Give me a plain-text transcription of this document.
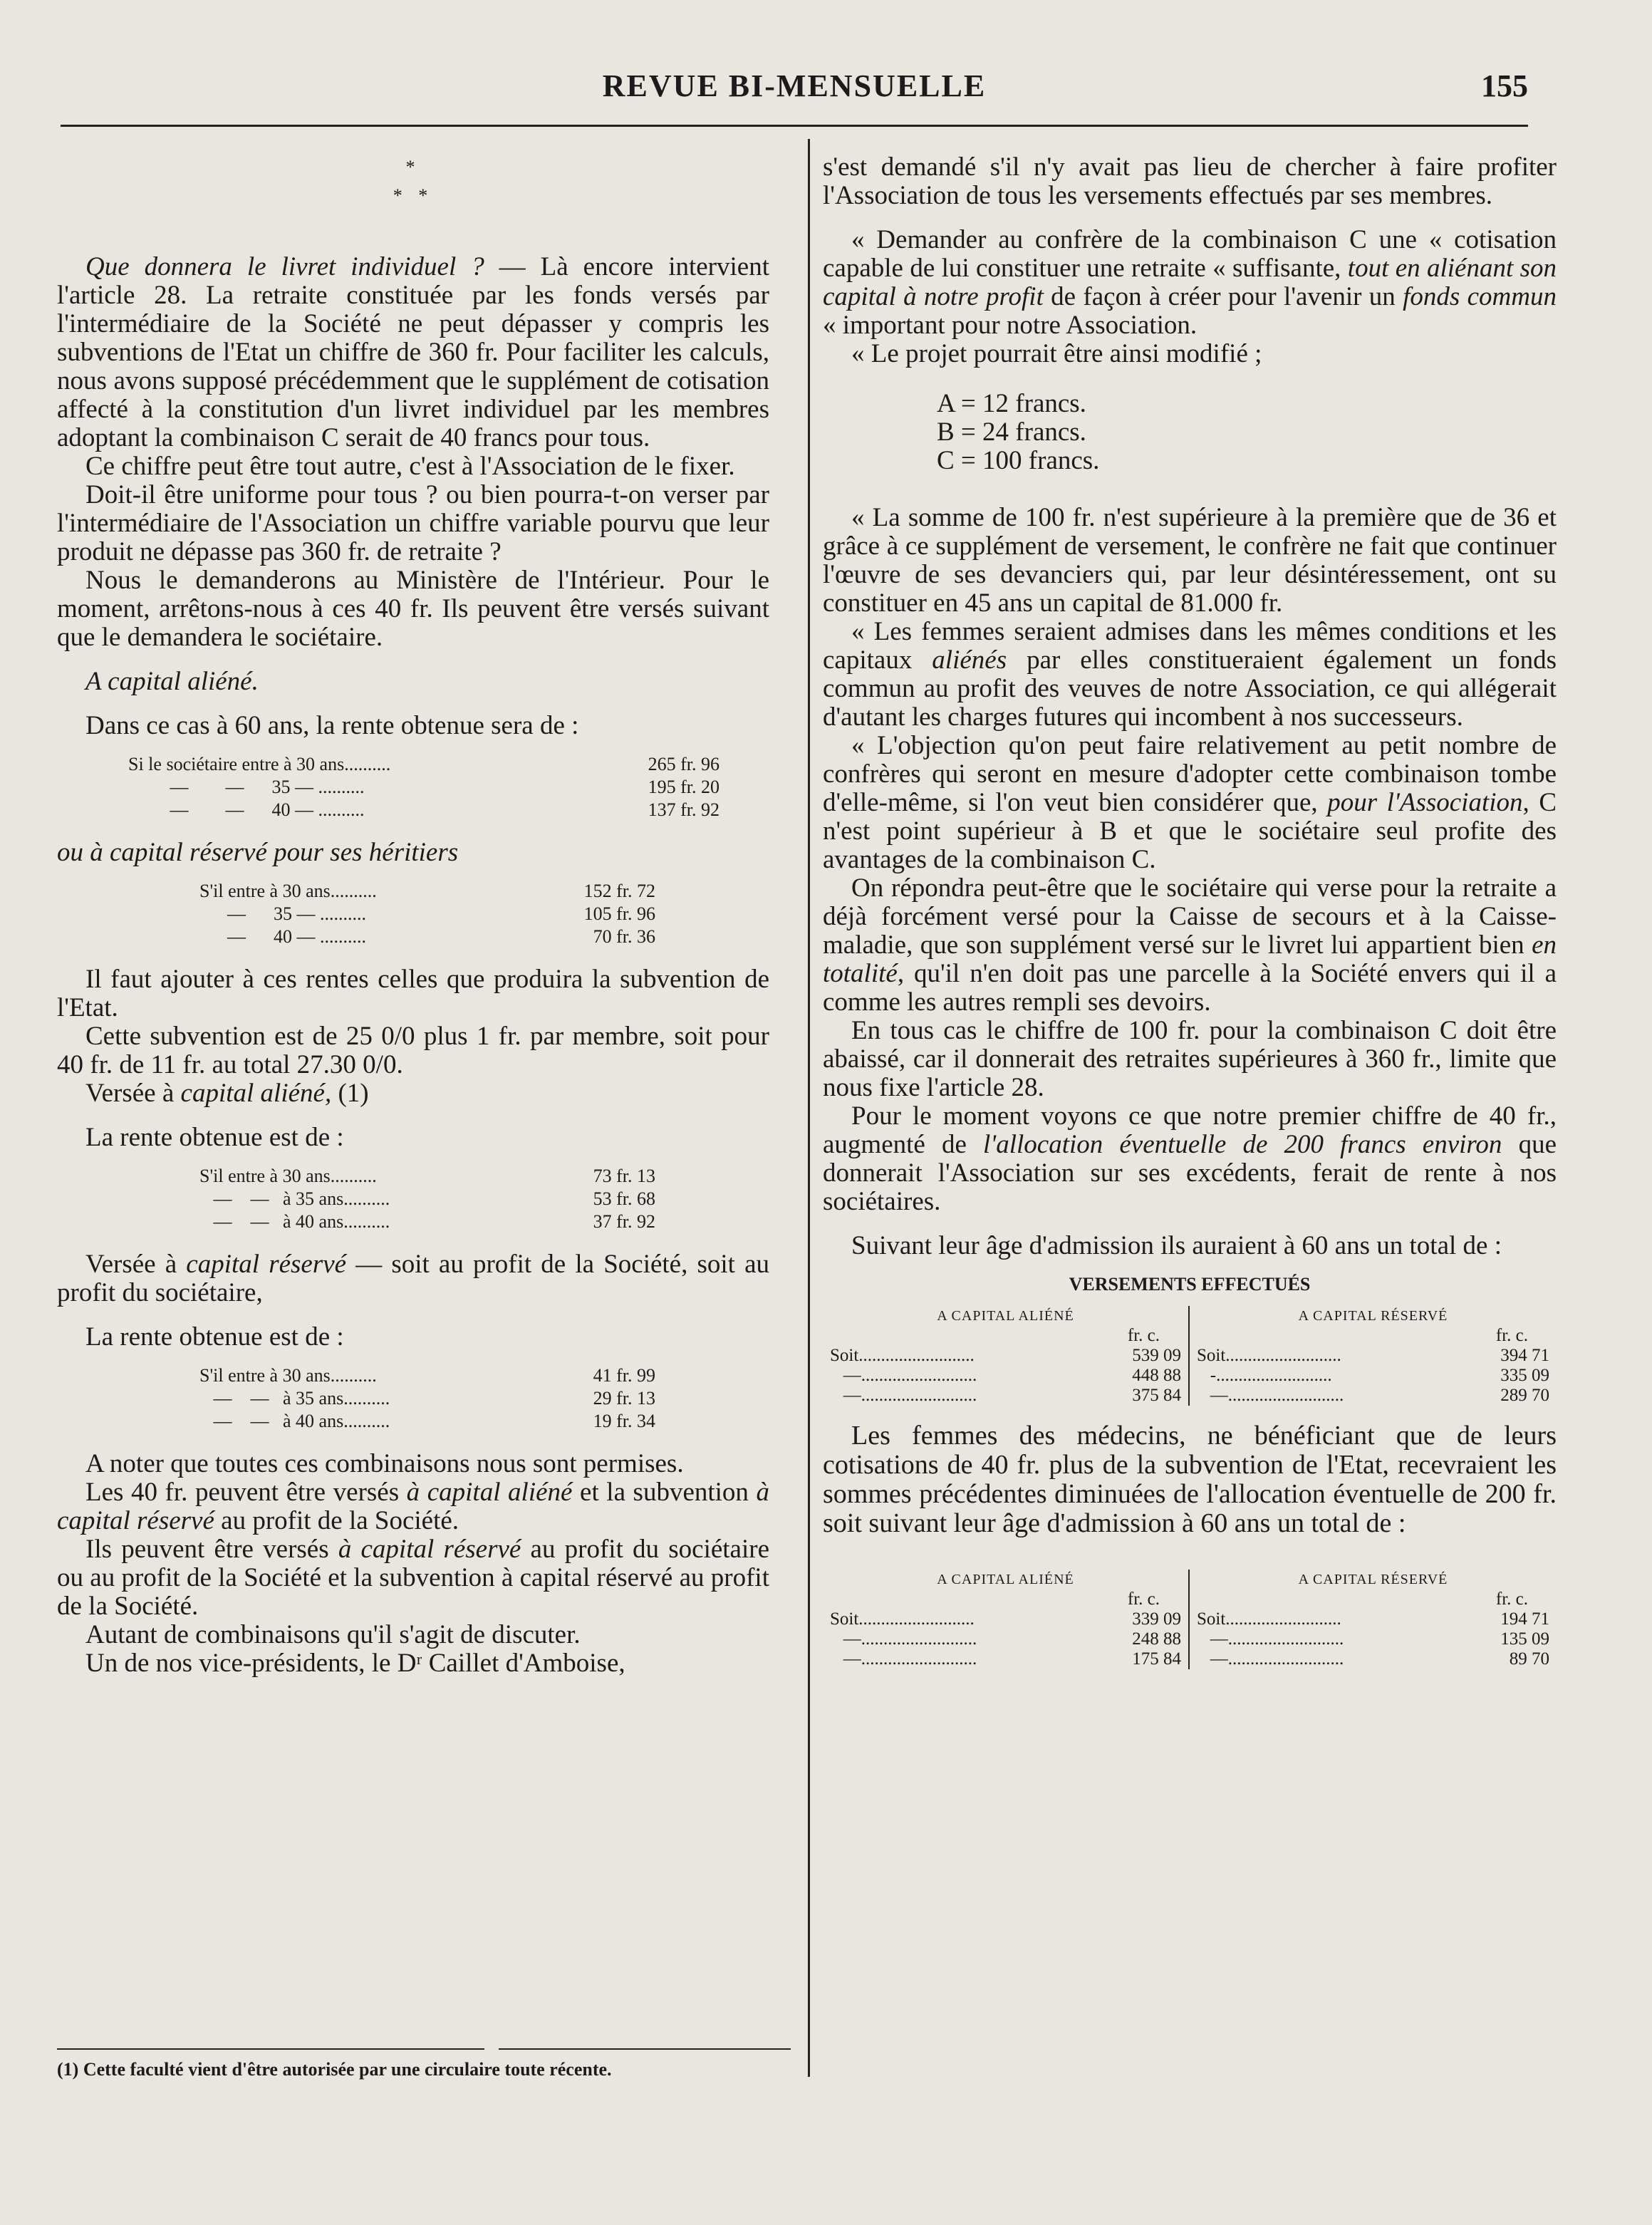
REVUE BI-MENSUELLE	155
*
* *

Que donnera le livret individuel ? — Là encore intervient l'article 28. La retraite constituée par les fonds versés par l'intermédiaire de la Société ne peut dépasser y compris les subventions de l'Etat un chiffre de 360 fr. Pour faciliter les calculs, nous avons supposé précédemment que le supplément de cotisation affecté à la constitution d'un livret individuel par les membres adoptant la combinaison C serait de 40 francs pour tous.

Ce chiffre peut être tout autre, c'est à l'Association de le fixer.

Doit-il être uniforme pour tous ? ou bien pourra-t-on verser par l'intermédiaire de l'Association un chiffre variable pourvu que leur produit ne dépasse pas 360 fr. de retraite ?

Nous le demanderons au Ministère de l'Intérieur. Pour le moment, arrêtons-nous à ces 40 fr. Ils peuvent être versés suivant que le demandera le sociétaire.

A capital aliéné.

Dans ce cas à 60 ans, la rente obtenue sera de :

Si le sociétaire entre à 30 ans..........	265 fr. 96
—        —      35 — ..........	195 fr. 20
—        —      40 — ..........	137 fr. 92

ou à capital réservé pour ses héritiers

S'il entre à 30 ans..........	152 fr. 72
—      35 — ..........	105 fr. 96
—      40 — ..........	70 fr. 36

Il faut ajouter à ces rentes celles que produira la subvention de l'Etat.

Cette subvention est de 25 0/0 plus 1 fr. par membre, soit pour 40 fr. de 11 fr. au total 27.30 0/0.

Versée à capital aliéné, (1)

La rente obtenue est de :

S'il entre à 30 ans..........	73 fr. 13
—    —   à 35 ans..........	53 fr. 68
—    —   à 40 ans..........	37 fr. 92

Versée à capital réservé — soit au profit de la Société, soit au profit du sociétaire,

La rente obtenue est de :

S'il entre à 30 ans..........	41 fr. 99
—    —   à 35 ans..........	29 fr. 13
—    —   à 40 ans..........	19 fr. 34

A noter que toutes ces combinaisons nous sont permises.

Les 40 fr. peuvent être versés à capital aliéné et la subvention à capital réservé au profit de la Société.

Ils peuvent être versés à capital réservé au profit du sociétaire ou au profit de la Société et la subvention à capital réservé au profit de la Société.

Autant de combinaisons qu'il s'agit de discuter.

Un de nos vice-présidents, le Dʳ Caillet d'Amboise,

(1) Cette faculté vient d'être autorisée par une circulaire toute récente.

s'est demandé s'il n'y avait pas lieu de chercher à faire profiter l'Association de tous les versements effectués par ses membres.

« Demander au confrère de la combinaison C une « cotisation capable de lui constituer une retraite « suffisante, tout en aliénant son capital à notre profit de façon à créer pour l'avenir un fonds commun « important pour notre Association.

« Le projet pourrait être ainsi modifié ;

A = 12 francs.
B = 24 francs.
C = 100 francs.

« La somme de 100 fr. n'est supérieure à la première que de 36 et grâce à ce supplément de versement, le confrère ne fait que continuer l'œuvre de ses devanciers qui, par leur désintéressement, ont su constituer en 45 ans un capital de 81.000 fr.

« Les femmes seraient admises dans les mêmes conditions et les capitaux aliénés par elles constitueraient également un fonds commun au profit des veuves de notre Association, ce qui allégerait d'autant les charges futures qui incombent à nos successeurs.

« L'objection qu'on peut faire relativement au petit nombre de confrères qui seront en mesure d'adopter cette combinaison tombe d'elle-même, si l'on veut bien considérer que, pour l'Association, C n'est point supérieur à B et que le sociétaire seul profite des avantages de la combinaison C.

On répondra peut-être que le sociétaire qui verse pour la retraite a déjà forcément versé pour la Caisse de secours et à la Caisse-maladie, que son supplément versé sur le livret lui appartient bien en totalité, qu'il n'en doit pas une parcelle à la Société envers qui il a comme les autres rempli ses devoirs.

En tous cas le chiffre de 100 fr. pour la combinaison C doit être abaissé, car il donnerait des retraites supérieures à 360 fr., limite que nous fixe l'article 28.

Pour le moment voyons ce que notre premier chiffre de 40 fr., augmenté de l'allocation éventuelle de 200 francs environ que donnerait l'Association sur ses excédents, ferait de rente à nos sociétaires.

Suivant leur âge d'admission ils auraient à 60 ans un total de :

VERSEMENTS EFFECTUÉS
A CAPITAL ALIÉNÉ
fr. c.
Soit..........................	539 09
—..........................	448 88
—..........................	375 84
A CAPITAL RÉSERVÉ
fr. c.
Soit..........................	394 71
-..........................	335 09
—..........................	289 70

Les femmes des médecins, ne bénéficiant que de leurs cotisations de 40 fr. plus de la subvention de l'Etat, recevraient les sommes précédentes diminuées de l'allocation éventuelle de 200 fr. soit suivant leur âge d'admission à 60 ans un total de :

A CAPITAL ALIÉNÉ
fr. c.
Soit..........................	339 09
—..........................	248 88
—..........................	175 84
A CAPITAL RÉSERVÉ
fr. c.
Soit..........................	194 71
—..........................	135 09
—..........................	89 70
